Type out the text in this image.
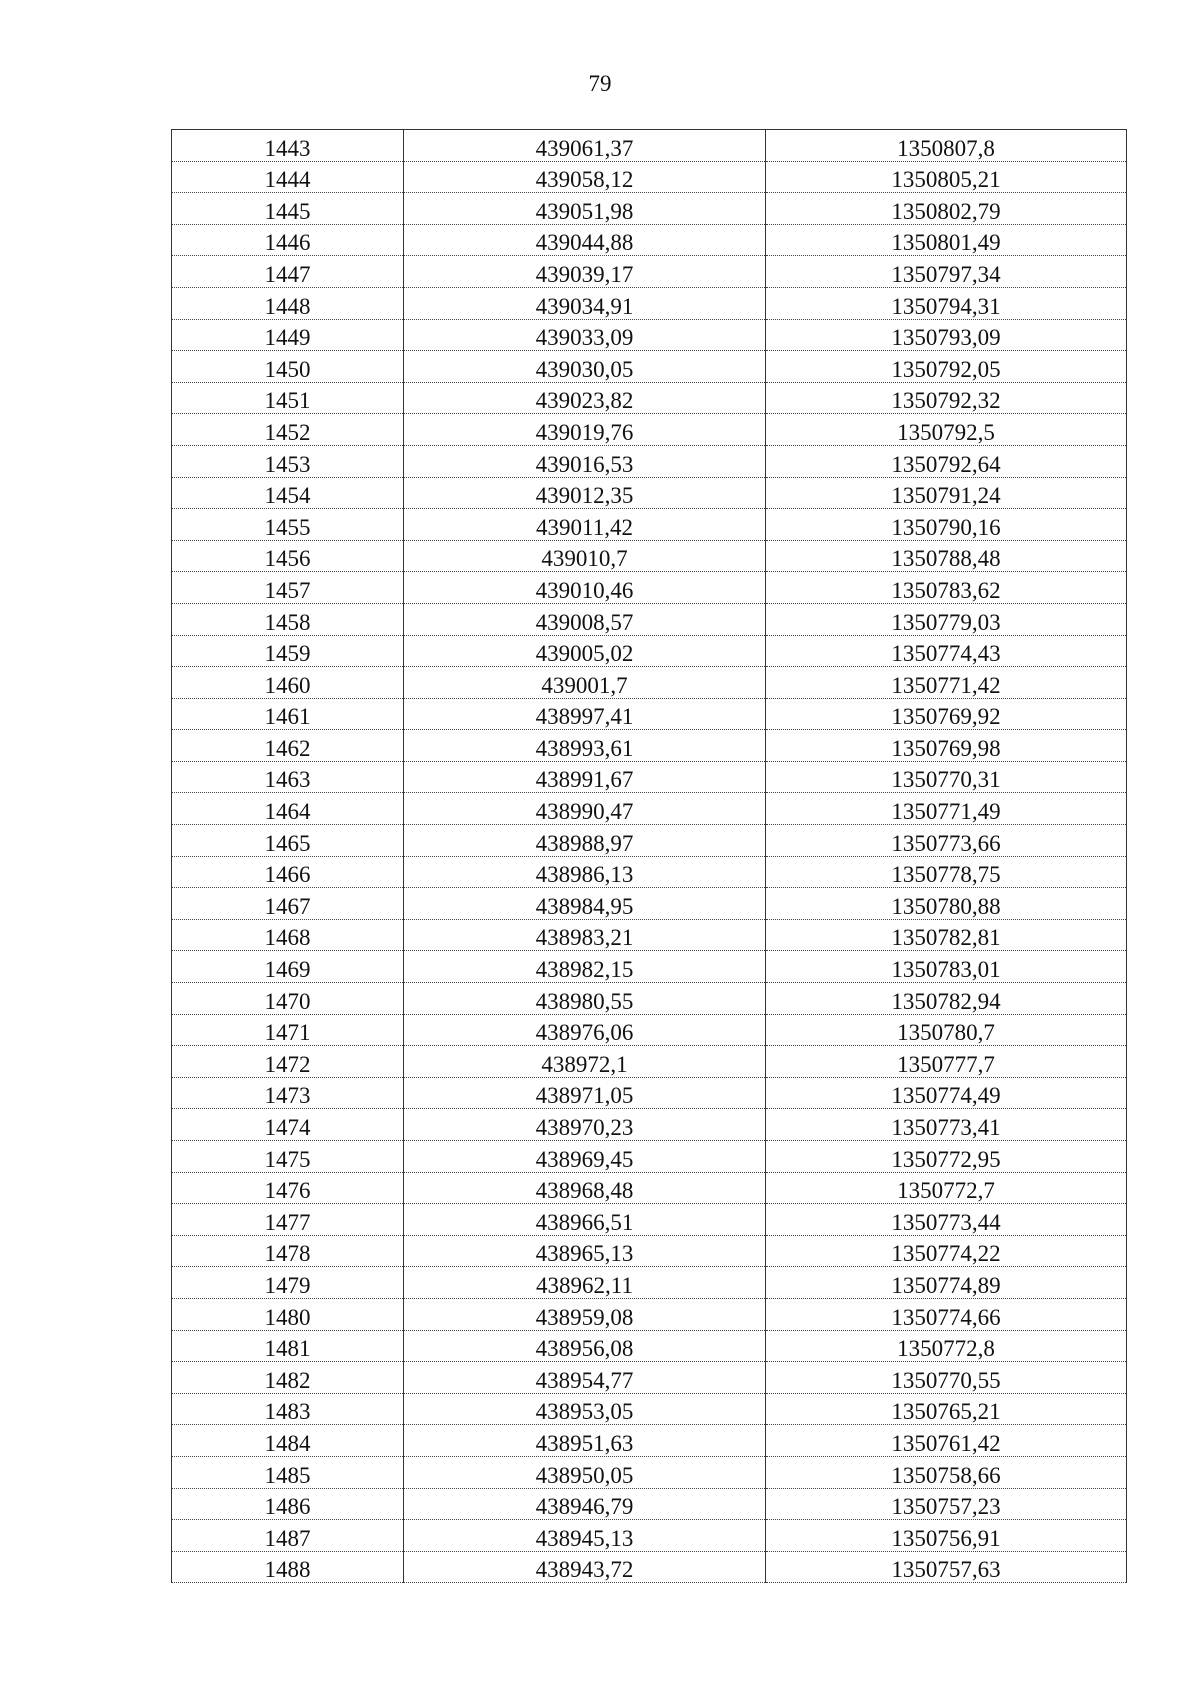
79
1443	439061,37	1350807,8
1444	439058,12	1350805,21
1445	439051,98	1350802,79
1446	439044,88	1350801,49
1447	439039,17	1350797,34
1448	439034,91	1350794,31
1449	439033,09	1350793,09
1450	439030,05	1350792,05
1451	439023,82	1350792,32
1452	439019,76	1350792,5
1453	439016,53	1350792,64
1454	439012,35	1350791,24
1455	439011,42	1350790,16
1456	439010,7	1350788,48
1457	439010,46	1350783,62
1458	439008,57	1350779,03
1459	439005,02	1350774,43
1460	439001,7	1350771,42
1461	438997,41	1350769,92
1462	438993,61	1350769,98
1463	438991,67	1350770,31
1464	438990,47	1350771,49
1465	438988,97	1350773,66
1466	438986,13	1350778,75
1467	438984,95	1350780,88
1468	438983,21	1350782,81
1469	438982,15	1350783,01
1470	438980,55	1350782,94
1471	438976,06	1350780,7
1472	438972,1	1350777,7
1473	438971,05	1350774,49
1474	438970,23	1350773,41
1475	438969,45	1350772,95
1476	438968,48	1350772,7
1477	438966,51	1350773,44
1478	438965,13	1350774,22
1479	438962,11	1350774,89
1480	438959,08	1350774,66
1481	438956,08	1350772,8
1482	438954,77	1350770,55
1483	438953,05	1350765,21
1484	438951,63	1350761,42
1485	438950,05	1350758,66
1486	438946,79	1350757,23
1487	438945,13	1350756,91
1488	438943,72	1350757,63
